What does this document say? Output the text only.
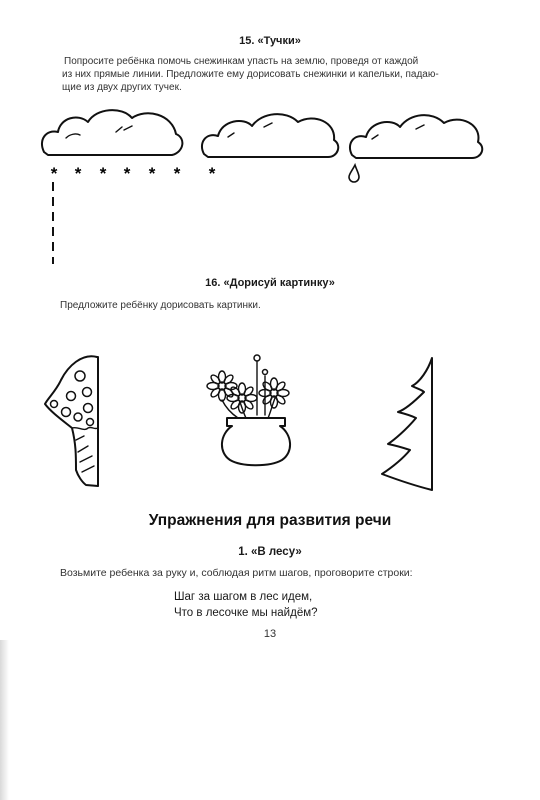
15. «Тучки»
Попросите ребёнка помочь снежинкам упасть на землю, проведя от каждой
из них прямые линии. Предложите ему дорисовать снежинки и капельки, падаю-
щие из двух других тучек.
* * * * * * *
16. «Дорисуй картинку»
Предложите ребёнку дорисовать картинки.
Упражнения для развития речи
1. «В лесу»
Возьмите ребенка за руку и, соблюдая ритм шагов, проговорите строки:
Шаг за шагом в лес идем,
Что в лесочке мы найдём?
13
